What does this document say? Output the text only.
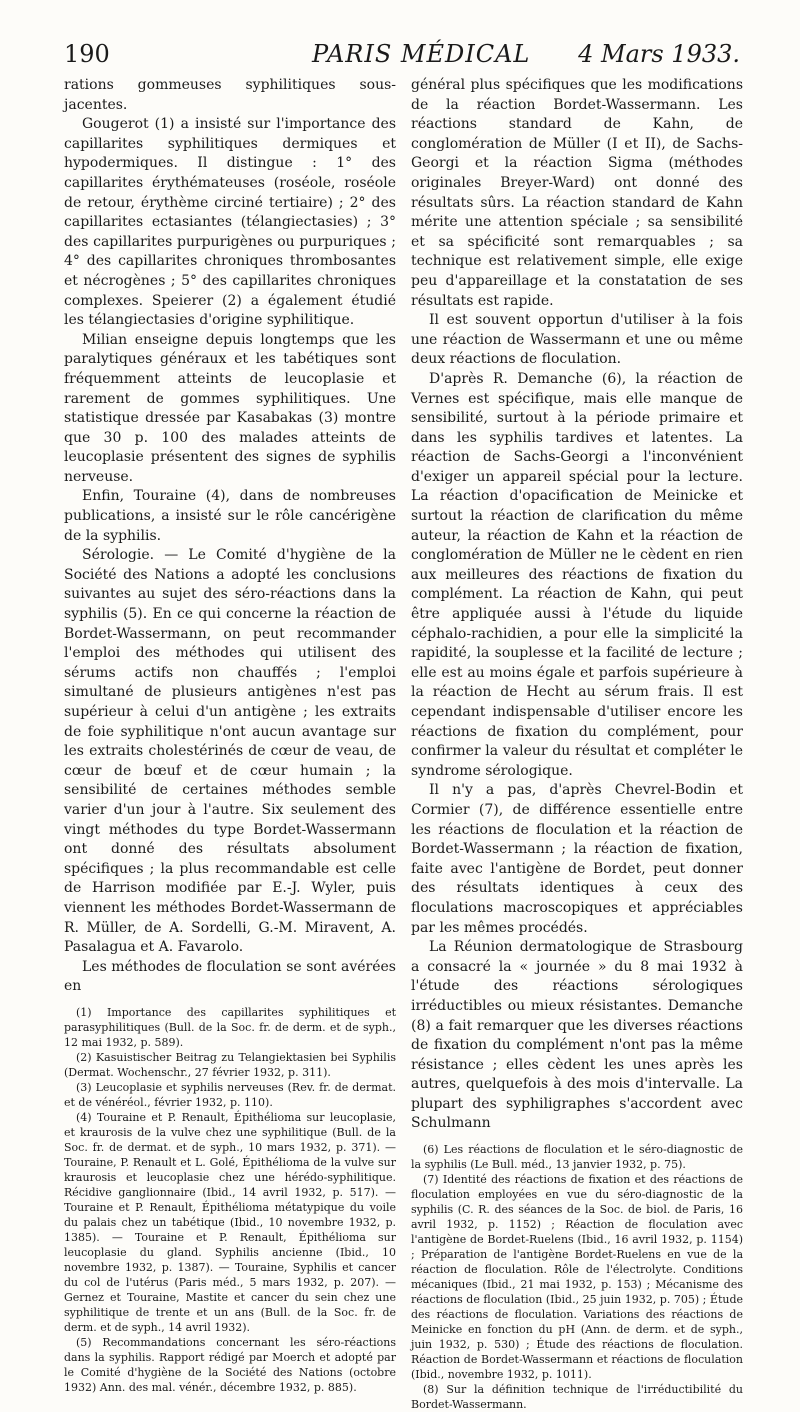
190	PARIS MÉDICAL 4 Mars 1933.

rations gommeuses syphilitiques sous-jacentes.

Gougerot (1) a insisté sur l'importance des capillarites syphilitiques dermiques et hypodermiques. Il distingue : 1° des capillarites érythémateuses (roséole, roséole de retour, érythème circiné tertiaire) ; 2° des capillarites ectasiantes (télangiectasies) ; 3° des capillarites purpurigènes ou purpuriques ; 4° des capillarites chroniques thrombosantes et nécrogènes ; 5° des capillarites chroniques complexes. Speierer (2) a également étudié les télangiectasies d'origine syphilitique.

Milian enseigne depuis longtemps que les paralytiques généraux et les tabétiques sont fréquemment atteints de leucoplasie et rarement de gommes syphilitiques. Une statistique dressée par Kasabakas (3) montre que 30 p. 100 des malades atteints de leucoplasie présentent des signes de syphilis nerveuse.

Enfin, Touraine (4), dans de nombreuses publications, a insisté sur le rôle cancérigène de la syphilis.

Sérologie. — Le Comité d'hygiène de la Société des Nations a adopté les conclusions suivantes au sujet des séro-réactions dans la syphilis (5). En ce qui concerne la réaction de Bordet-Wassermann, on peut recommander l'emploi des méthodes qui utilisent des sérums actifs non chauffés ; l'emploi simultané de plusieurs antigènes n'est pas supérieur à celui d'un antigène ; les extraits de foie syphilitique n'ont aucun avantage sur les extraits cholestérinés de cœur de veau, de cœur de bœuf et de cœur humain ; la sensibilité de certaines méthodes semble varier d'un jour à l'autre. Six seulement des vingt méthodes du type Bordet-Wassermann ont donné des résultats absolument spécifiques ; la plus recommandable est celle de Harrison modifiée par E.-J. Wyler, puis viennent les méthodes Bordet-Wassermann de R. Müller, de A. Sordelli, G.-M. Miravent, A. Pasalagua et A. Favarolo.

Les méthodes de floculation se sont avérées en

(1) Importance des capillarites syphilitiques et parasyphilitiques (Bull. de la Soc. fr. de derm. et de syph., 12 mai 1932, p. 589).

(2) Kasuistischer Beitrag zu Telangiektasien bei Syphilis (Dermat. Wochenschr., 27 février 1932, p. 311).

(3) Leucoplasie et syphilis nerveuses (Rev. fr. de dermat. et de vénéréol., février 1932, p. 110).

(4) Touraine et P. Renault, Épithélioma sur leucoplasie, et kraurosis de la vulve chez une syphilitique (Bull. de la Soc. fr. de dermat. et de syph., 10 mars 1932, p. 371). — Touraine, P. Renault et L. Golé, Épithélioma de la vulve sur kraurosis et leucoplasie chez une hérédo-syphilitique. Récidive ganglionnaire (Ibid., 14 avril 1932, p. 517). — Touraine et P. Renault, Épithélioma métatypique du voile du palais chez un tabétique (Ibid., 10 novembre 1932, p. 1385). — Touraine et P. Renault, Épithélioma sur leucoplasie du gland. Syphilis ancienne (Ibid., 10 novembre 1932, p. 1387). — Touraine, Syphilis et cancer du col de l'utérus (Paris méd., 5 mars 1932, p. 207). — Gernez et Touraine, Mastite et cancer du sein chez une syphilitique de trente et un ans (Bull. de la Soc. fr. de derm. et de syph., 14 avril 1932).

(5) Recommandations concernant les séro-réactions dans la syphilis. Rapport rédigé par Moerch et adopté par le Comité d'hygiène de la Société des Nations (octobre 1932) Ann. des mal. vénér., décembre 1932, p. 885).

général plus spécifiques que les modifications de la réaction Bordet-Wassermann. Les réactions standard de Kahn, de conglomération de Müller (I et II), de Sachs-Georgi et la réaction Sigma (méthodes originales Breyer-Ward) ont donné des résultats sûrs. La réaction standard de Kahn mérite une attention spéciale ; sa sensibilité et sa spécificité sont remarquables ; sa technique est relativement simple, elle exige peu d'appareillage et la constatation de ses résultats est rapide.

Il est souvent opportun d'utiliser à la fois une réaction de Wassermann et une ou même deux réactions de floculation.

D'après R. Demanche (6), la réaction de Vernes est spécifique, mais elle manque de sensibilité, surtout à la période primaire et dans les syphilis tardives et latentes. La réaction de Sachs-Georgi a l'inconvénient d'exiger un appareil spécial pour la lecture. La réaction d'opacification de Meinicke et surtout la réaction de clarification du même auteur, la réaction de Kahn et la réaction de conglomération de Müller ne le cèdent en rien aux meilleures des réactions de fixation du complément. La réaction de Kahn, qui peut être appliquée aussi à l'étude du liquide céphalo-rachidien, a pour elle la simplicité la rapidité, la souplesse et la facilité de lecture ; elle est au moins égale et parfois supérieure à la réaction de Hecht au sérum frais. Il est cependant indispensable d'utiliser encore les réactions de fixation du complément, pour confirmer la valeur du résultat et compléter le syndrome sérologique.

Il n'y a pas, d'après Chevrel-Bodin et Cormier (7), de différence essentielle entre les réactions de floculation et la réaction de Bordet-Wassermann ; la réaction de fixation, faite avec l'antigène de Bordet, peut donner des résultats identiques à ceux des floculations macroscopiques et appréciables par les mêmes procédés.

La Réunion dermatologique de Strasbourg a consacré la « journée » du 8 mai 1932 à l'étude des réactions sérologiques irréductibles ou mieux résistantes. Demanche (8) a fait remarquer que les diverses réactions de fixation du complément n'ont pas la même résistance ; elles cèdent les unes après les autres, quelquefois à des mois d'intervalle. La plupart des syphiligraphes s'accordent avec Schulmann

(6) Les réactions de floculation et le séro-diagnostic de la syphilis (Le Bull. méd., 13 janvier 1932, p. 75).

(7) Identité des réactions de fixation et des réactions de floculation employées en vue du séro-diagnostic de la syphilis (C. R. des séances de la Soc. de biol. de Paris, 16 avril 1932, p. 1152) ; Réaction de floculation avec l'antigène de Bordet-Ruelens (Ibid., 16 avril 1932, p. 1154) ; Préparation de l'antigène Bordet-Ruelens en vue de la réaction de floculation. Rôle de l'électrolyte. Conditions mécaniques (Ibid., 21 mai 1932, p. 153) ; Mécanisme des réactions de floculation (Ibid., 25 juin 1932, p. 705) ; Étude des réactions de floculation. Variations des réactions de Meinicke en fonction du pH (Ann. de derm. et de syph., juin 1932, p. 530) ; Étude des réactions de floculation. Réaction de Bordet-Wassermann et réactions de floculation (Ibid., novembre 1932, p. 1011).

(8) Sur la définition technique de l'irréductibilité du Bordet-Wassermann.
